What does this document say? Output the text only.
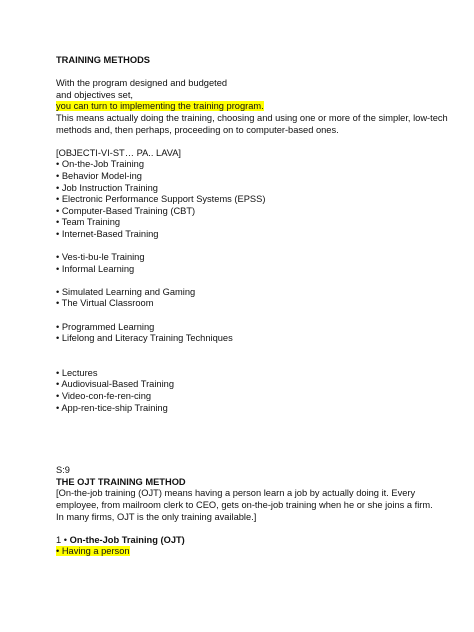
TRAINING METHODS
With the program designed and budgeted
and objectives set,
you can turn to implementing the training program.
This means actually doing the training, choosing and using one or more of the simpler, low-tech
methods and, then perhaps, proceeding on to computer-based ones.
[OBJECTI-VI-ST… PA.. LAVA]
• On-the-Job Training
• Behavior Model-ing
• Job Instruction Training
• Electronic Performance Support Systems (EPSS)
• Computer-Based Training (CBT)
• Team Training
• Internet-Based Training
• Ves-ti-bu-le Training
• Informal Learning
• Simulated Learning and Gaming
• The Virtual Classroom
• Programmed Learning
• Lifelong and Literacy Training Techniques
• Lectures
• Audiovisual-Based Training
• Video-con-fe-ren-cing
• App-ren-tice-ship Training
S:9
THE OJT TRAINING METHOD
[On-the-job training (OJT) means having a person learn a job by actually doing it. Every employee, from mailroom clerk to CEO, gets on-the-job training when he or she joins a firm. In many firms, OJT is the only training available.]
1 • On-the-Job Training (OJT)
• Having a person
